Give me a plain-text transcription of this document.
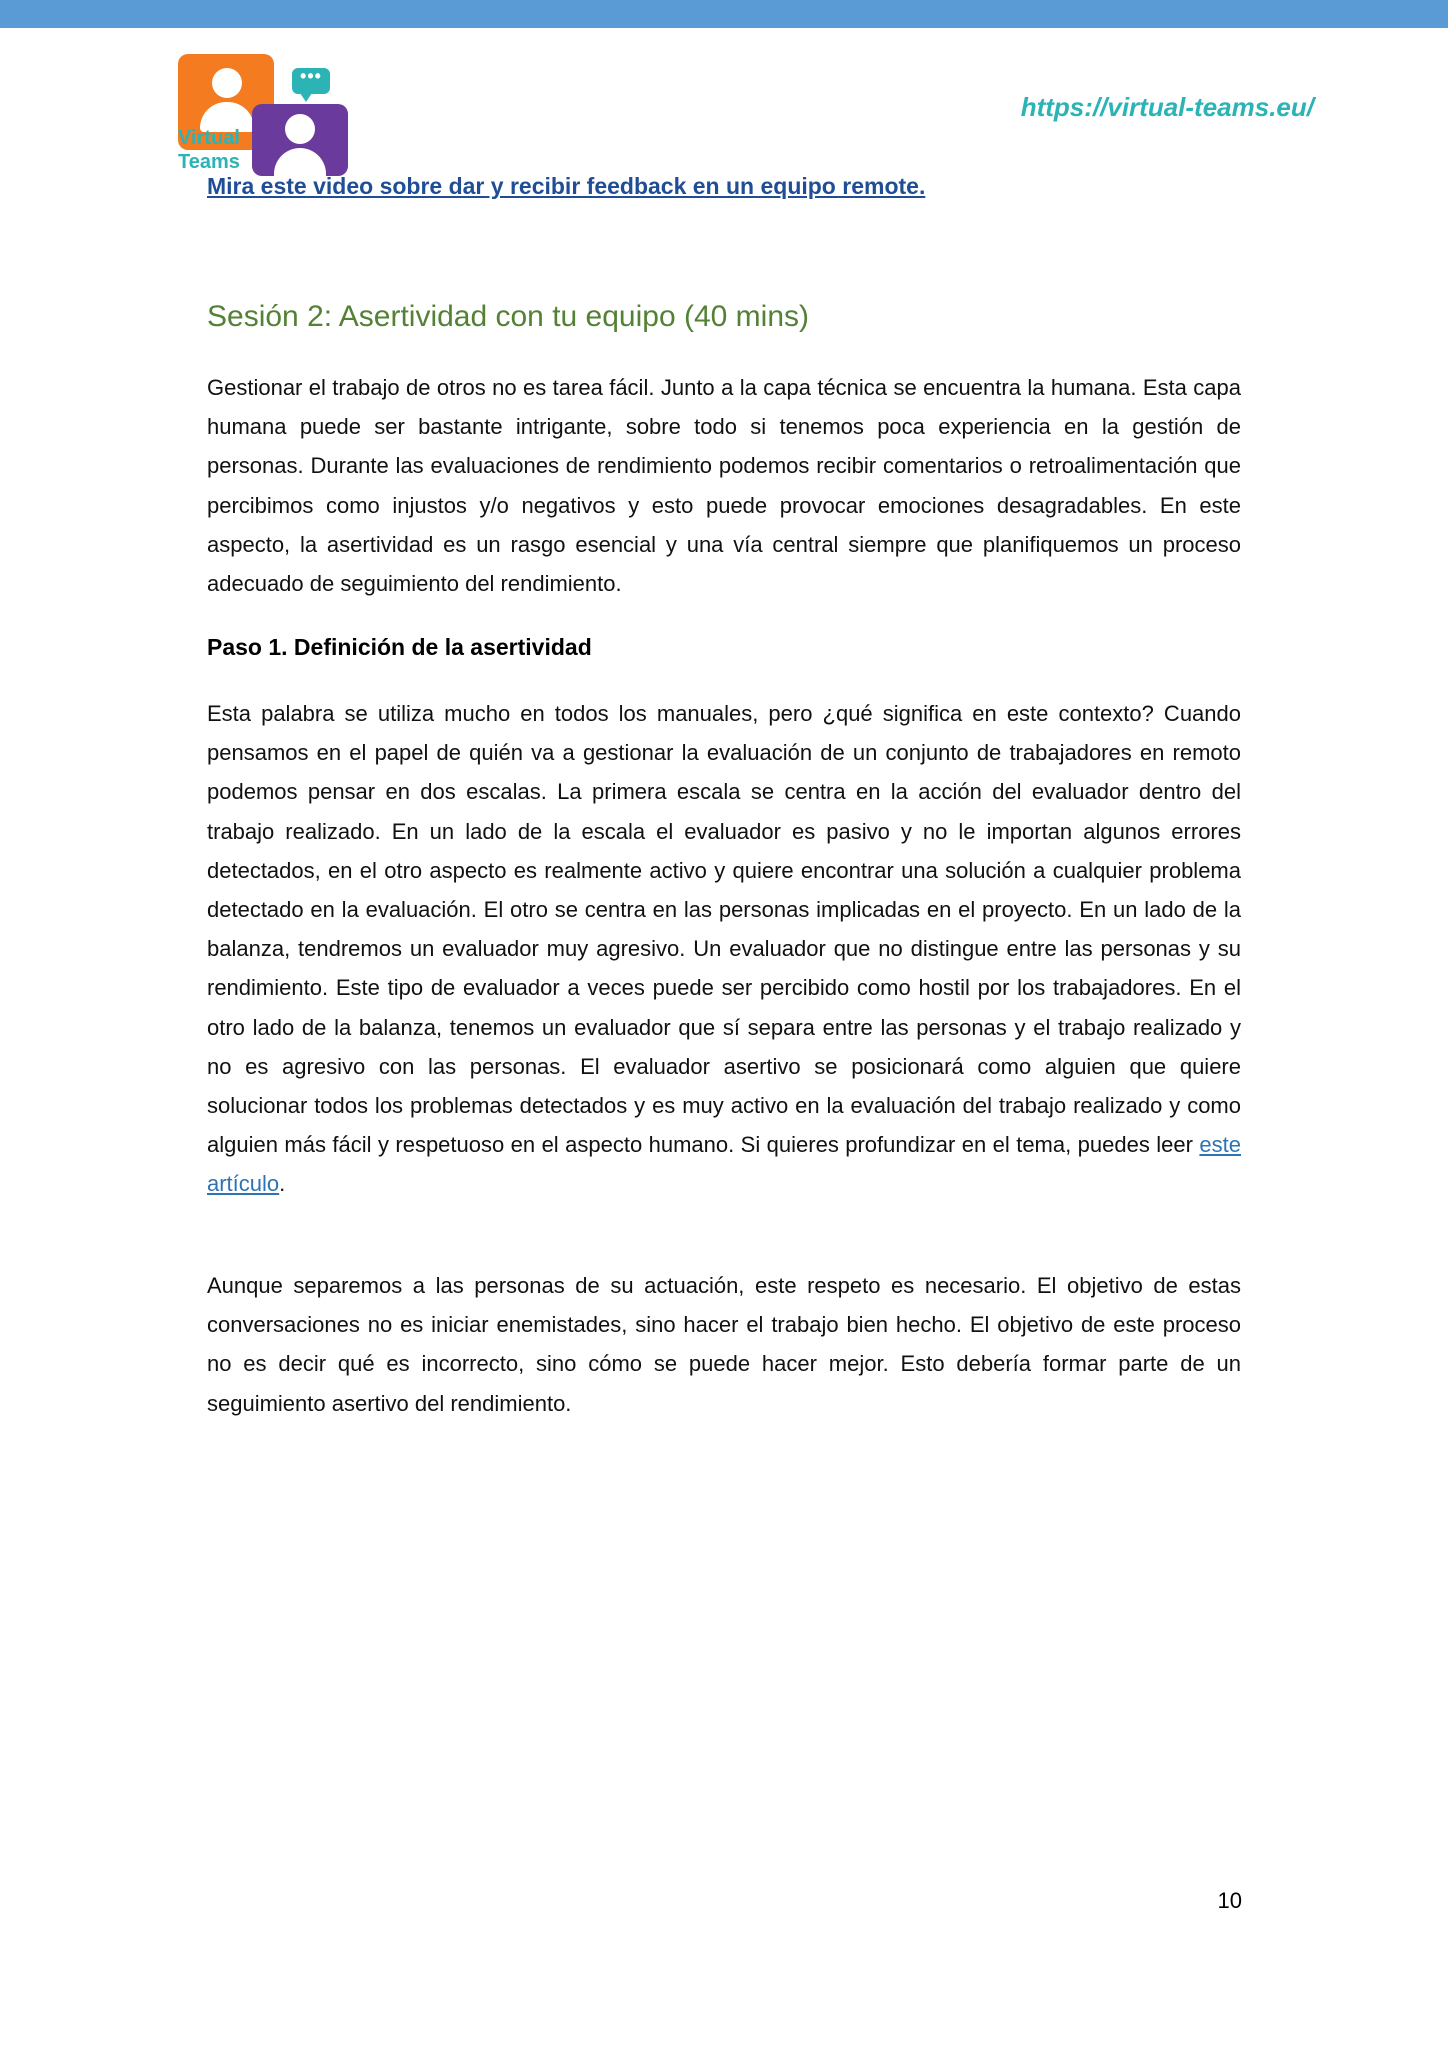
•••
Virtual
Teams
https://virtual-teams.eu/
Mira este video sobre dar y recibir feedback en un equipo remote.
Sesión 2: Asertividad con tu equipo (40 mins)
Gestionar el trabajo de otros no es tarea fácil. Junto a la capa técnica se encuentra la humana. Esta capa humana puede ser bastante intrigante, sobre todo si tenemos poca experiencia en la gestión de personas. Durante las evaluaciones de rendimiento podemos recibir comentarios o retroalimentación que percibimos como injustos y/o negativos y esto puede provocar emociones desagradables. En este aspecto, la asertividad es un rasgo esencial y una vía central siempre que planifiquemos un proceso adecuado de seguimiento del rendimiento.
Paso 1. Definición de la asertividad
Esta palabra se utiliza mucho en todos los manuales, pero ¿qué significa en este contexto? Cuando pensamos en el papel de quién va a gestionar la evaluación de un conjunto de trabajadores en remoto podemos pensar en dos escalas. La primera escala se centra en la acción del evaluador dentro del trabajo realizado. En un lado de la escala el evaluador es pasivo y no le importan algunos errores detectados, en el otro aspecto es realmente activo y quiere encontrar una solución a cualquier problema detectado en la evaluación. El otro se centra en las personas implicadas en el proyecto. En un lado de la balanza, tendremos un evaluador muy agresivo. Un evaluador que no distingue entre las personas y su rendimiento. Este tipo de evaluador a veces puede ser percibido como hostil por los trabajadores. En el otro lado de la balanza, tenemos un evaluador que sí separa entre las personas y el trabajo realizado y no es agresivo con las personas. El evaluador asertivo se posicionará como alguien que quiere solucionar todos los problemas detectados y es muy activo en la evaluación del trabajo realizado y como alguien más fácil y respetuoso en el aspecto humano. Si quieres profundizar en el tema, puedes leer este artículo.
Aunque separemos a las personas de su actuación, este respeto es necesario. El objetivo de estas conversaciones no es iniciar enemistades, sino hacer el trabajo bien hecho. El objetivo de este proceso no es decir qué es incorrecto, sino cómo se puede hacer mejor. Esto debería formar parte de un seguimiento asertivo del rendimiento.
10
